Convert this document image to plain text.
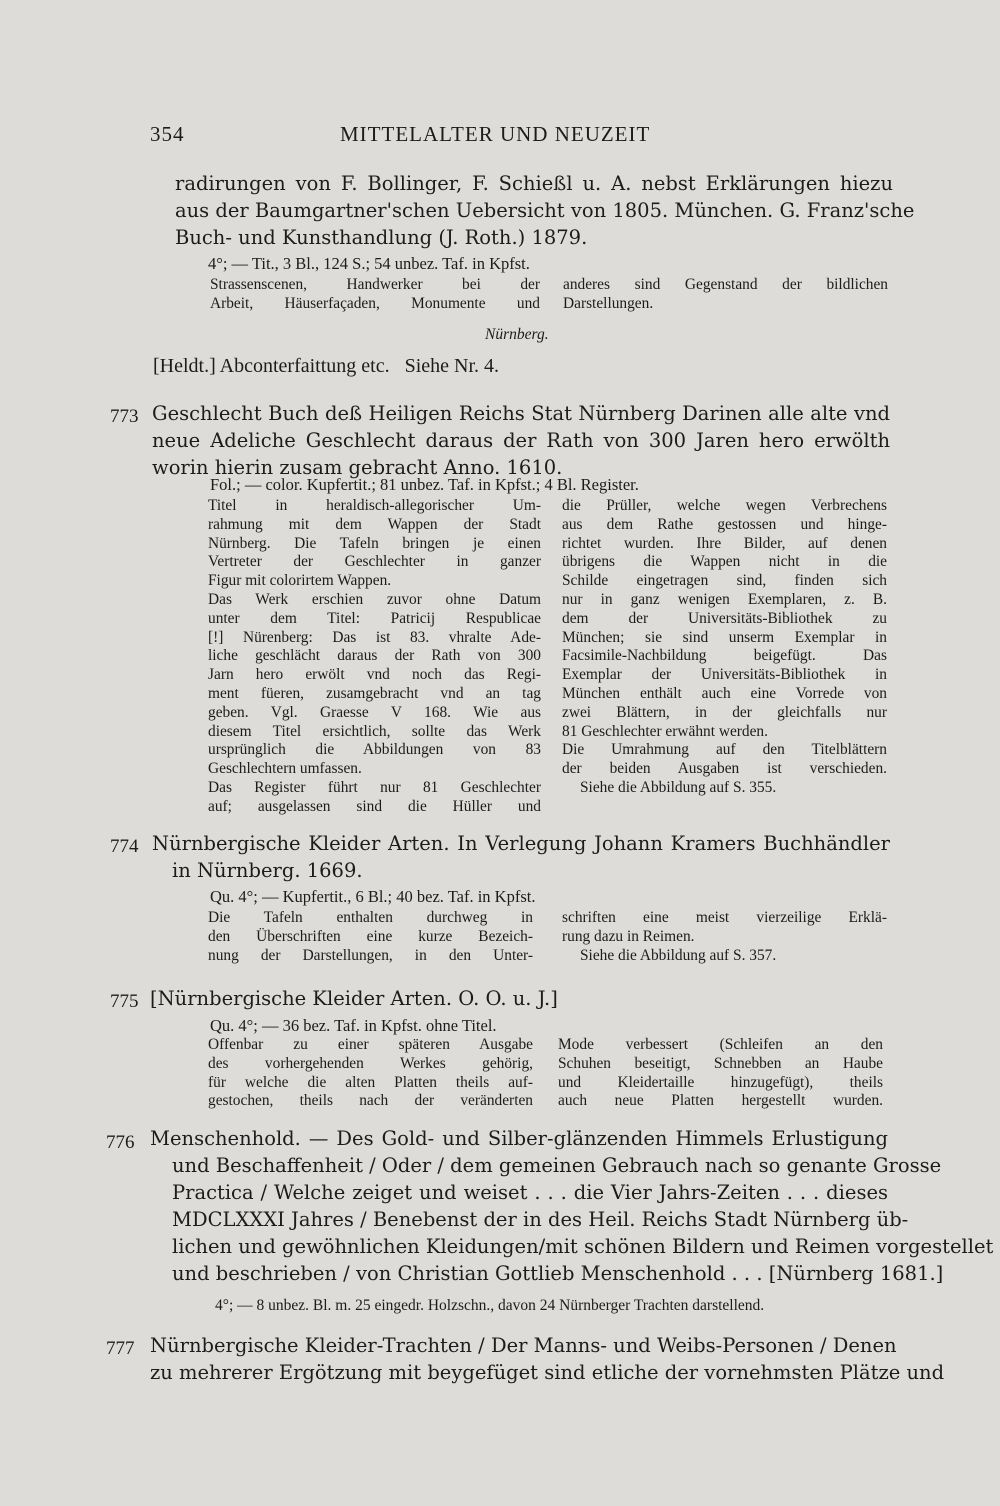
354	MITTELALTER UND NEUZEIT
radirungen von F. Bollinger, F. Schießl u. A. nebst Erklärungen hiezu
aus der Baumgartner'schen Uebersicht von 1805. München. G. Franz'sche
Buch- und Kunsthandlung (J. Roth.) 1879.
4°; — Tit., 3 Bl., 124 S.; 54 unbez. Taf. in Kpfst.
Strassenscenen, Handwerker bei der
Arbeit, Häuserfaçaden, Monumente und
anderes sind Gegenstand der bildlichen
Darstellungen.
Nürnberg.
[Heldt.] Abconterfaittung etc.   Siehe Nr. 4.
773 Geschlecht Buch deß Heiligen Reichs Stat Nürnberg Darinen alle alte vnd
neue Adeliche Geschlecht daraus der Rath von 300 Jaren hero erwölth
worin hierin zusam gebracht Anno. 1610.
Fol.; — color. Kupfertit.; 81 unbez. Taf. in Kpfst.; 4 Bl. Register.
Titel in heraldisch-allegorischer Um-
rahmung mit dem Wappen der Stadt
Nürnberg. Die Tafeln bringen je einen
Vertreter der Geschlechter in ganzer
Figur mit colorirtem Wappen.
Das Werk erschien zuvor ohne Datum
unter dem Titel: Patricij Respublicae
[!] Nürenberg: Das ist 83. vhralte Ade-
liche geschlächt daraus der Rath von 300
Jarn hero erwölt vnd noch das Regi-
ment füeren, zusamgebracht vnd an tag
geben. Vgl. Graesse V 168. Wie aus
diesem Titel ersichtlich, sollte das Werk
ursprünglich die Abbildungen von 83
Geschlechtern umfassen.
Das Register führt nur 81 Geschlechter
auf; ausgelassen sind die Hüller und
die Prüller, welche wegen Verbrechens
aus dem Rathe gestossen und hinge-
richtet wurden. Ihre Bilder, auf denen
übrigens die Wappen nicht in die
Schilde eingetragen sind, finden sich
nur in ganz wenigen Exemplaren, z. B.
dem der Universitäts-Bibliothek zu
München; sie sind unserm Exemplar in
Facsimile-Nachbildung beigefügt. Das
Exemplar der Universitäts-Bibliothek in
München enthält auch eine Vorrede von
zwei Blättern, in der gleichfalls nur
81 Geschlechter erwähnt werden.
Die Umrahmung auf den Titelblättern
der beiden Ausgaben ist verschieden.
Siehe die Abbildung auf S. 355.
774 Nürnbergische Kleider Arten. In Verlegung Johann Kramers Buchhändler
in Nürnberg. 1669.
Qu. 4°; — Kupfertit., 6 Bl.; 40 bez. Taf. in Kpfst.
Die Tafeln enthalten durchweg in
den Überschriften eine kurze Bezeich-
nung der Darstellungen, in den Unter-
schriften eine meist vierzeilige Erklä-
rung dazu in Reimen.
Siehe die Abbildung auf S. 357.
775 [Nürnbergische Kleider Arten. O. O. u. J.]
Qu. 4°; — 36 bez. Taf. in Kpfst. ohne Titel.
Offenbar zu einer späteren Ausgabe
des vorhergehenden Werkes gehörig,
für welche die alten Platten theils auf-
gestochen, theils nach der veränderten
Mode verbessert (Schleifen an den
Schuhen beseitigt, Schnebben an Haube
und Kleidertaille hinzugefügt), theils
auch neue Platten hergestellt wurden.
776 Menschenhold. — Des Gold- und Silber-glänzenden Himmels Erlustigung
und Beschaffenheit / Oder / dem gemeinen Gebrauch nach so genante Grosse
Practica / Welche zeiget und weiset . . . die Vier Jahrs-Zeiten . . . dieses
MDCLXXXI Jahres / Benebenst der in des Heil. Reichs Stadt Nürnberg üb-
lichen und gewöhnlichen Kleidungen/mit schönen Bildern und Reimen vorgestellet
und beschrieben / von Christian Gottlieb Menschenhold . . . [Nürnberg 1681.]
4°; — 8 unbez. Bl. m. 25 eingedr. Holzschn., davon 24 Nürnberger Trachten darstellend.
777 Nürnbergische Kleider-Trachten / Der Manns- und Weibs-Personen / Denen
zu mehrerer Ergötzung mit beygefüget sind etliche der vornehmsten Plätze und
